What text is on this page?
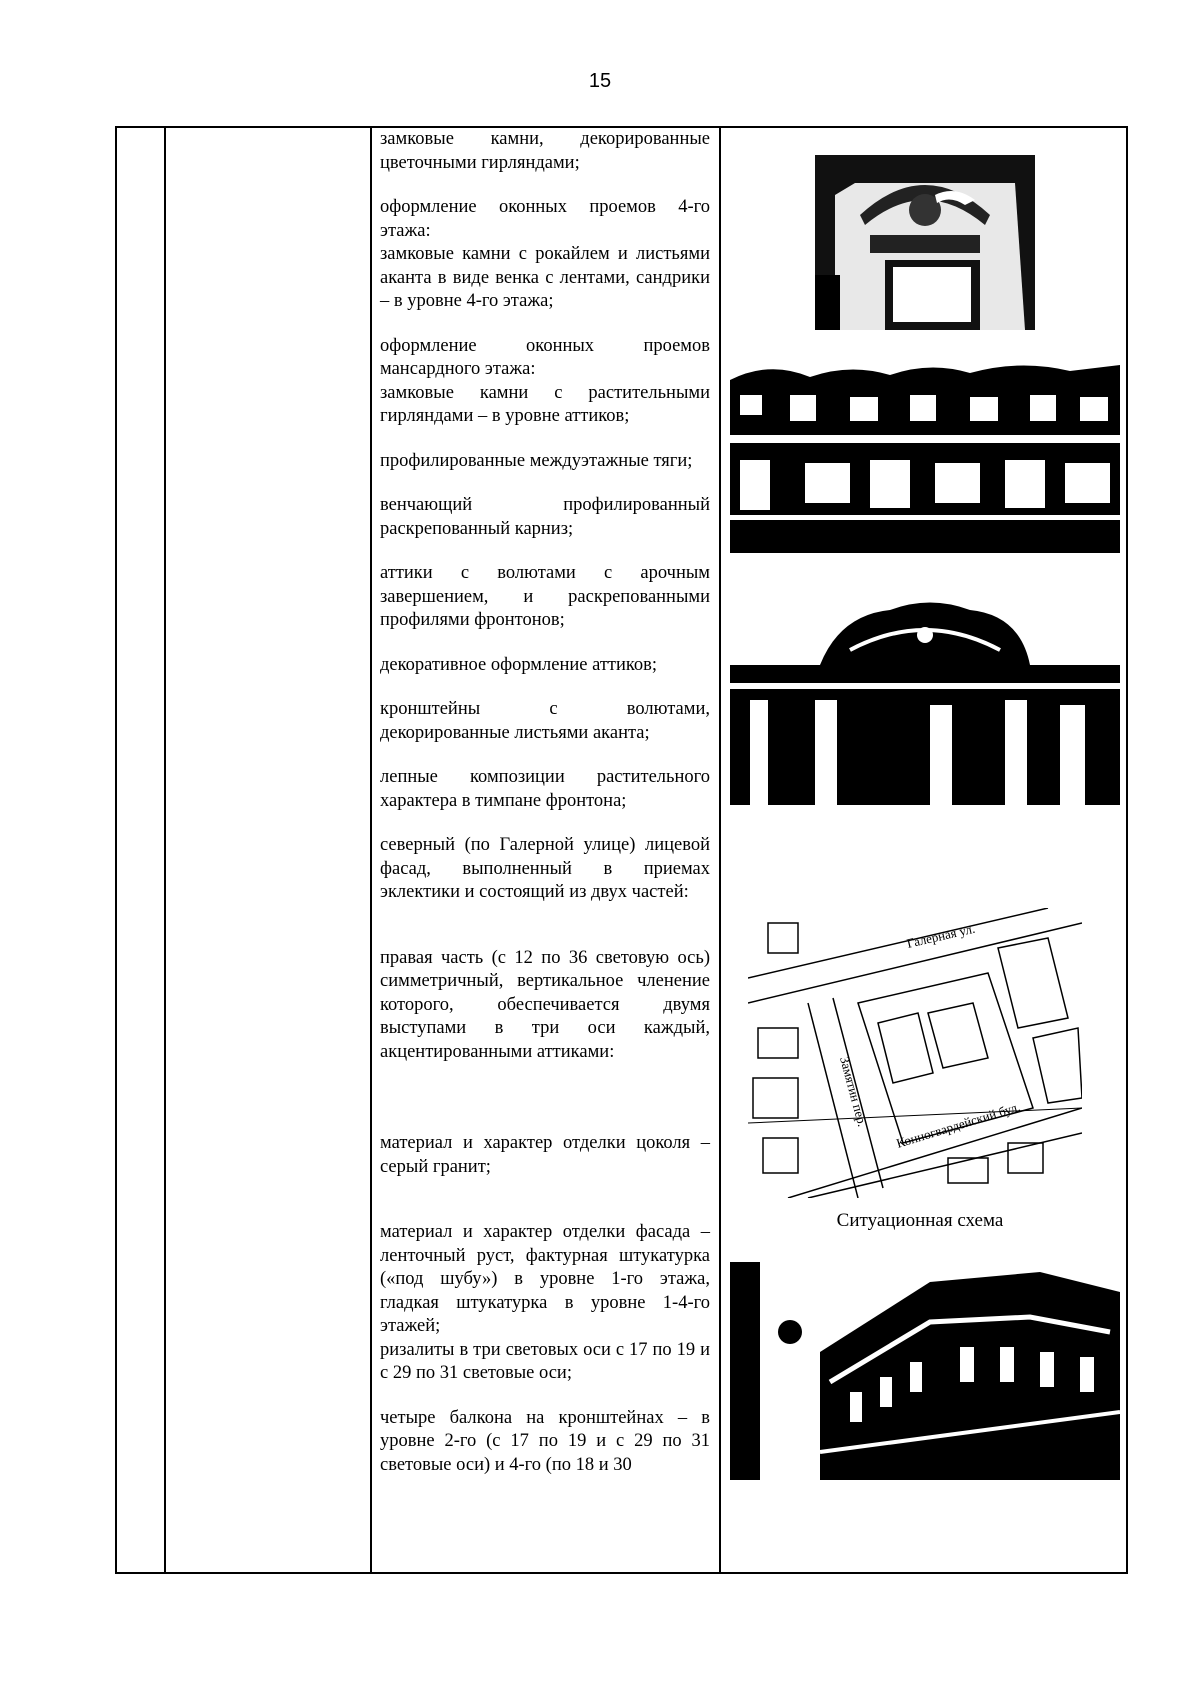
15

замковые камни, декорированные цветочными гирляндами;

оформление оконных проемов 4-го этажа:

замковые камни с рокайлем и листьями аканта в виде венка с лентами, сандрики – в уровне 4-го этажа;

оформление оконных проемов мансардного этажа:

замковые камни с растительными гирляндами – в уровне аттиков;

профилированные междуэтажные тяги;

венчающий профилированный раскрепованный карниз;

аттики с волютами с арочным завершением, и раскрепованными профилями фронтонов;

декоративное оформление аттиков;

кронштейны с волютами, декорированные листьями аканта;

лепные композиции растительного характера в тимпане фронтона;

северный (по Галерной улице) лицевой фасад, выполненный в приемах эклектики и состоящий из двух частей:

правая часть (с 12 по 36 световую ось) симметричный, вертикальное членение которого, обеспечивается двумя выступами в три оси каждый, акцентированными аттиками:

материал и характер отделки цоколя – серый гранит;

материал и характер отделки фасада – ленточный руст, фактурная штукатурка («под шубу») в уровне 1-го этажа, гладкая штукатурка в уровне 1-4-го этажей;

ризалиты в три световых оси с 17 по 19 и с 29 по 31 световые оси;

четыре балкона на кронштейнах – в уровне 2-го (с 17 по 19 и с 29 по 31 световые оси) и 4-го (по 18 и 30

Галерная ул.
Конногвардейский бул.
Замятин пер.
Ситуационная схема
